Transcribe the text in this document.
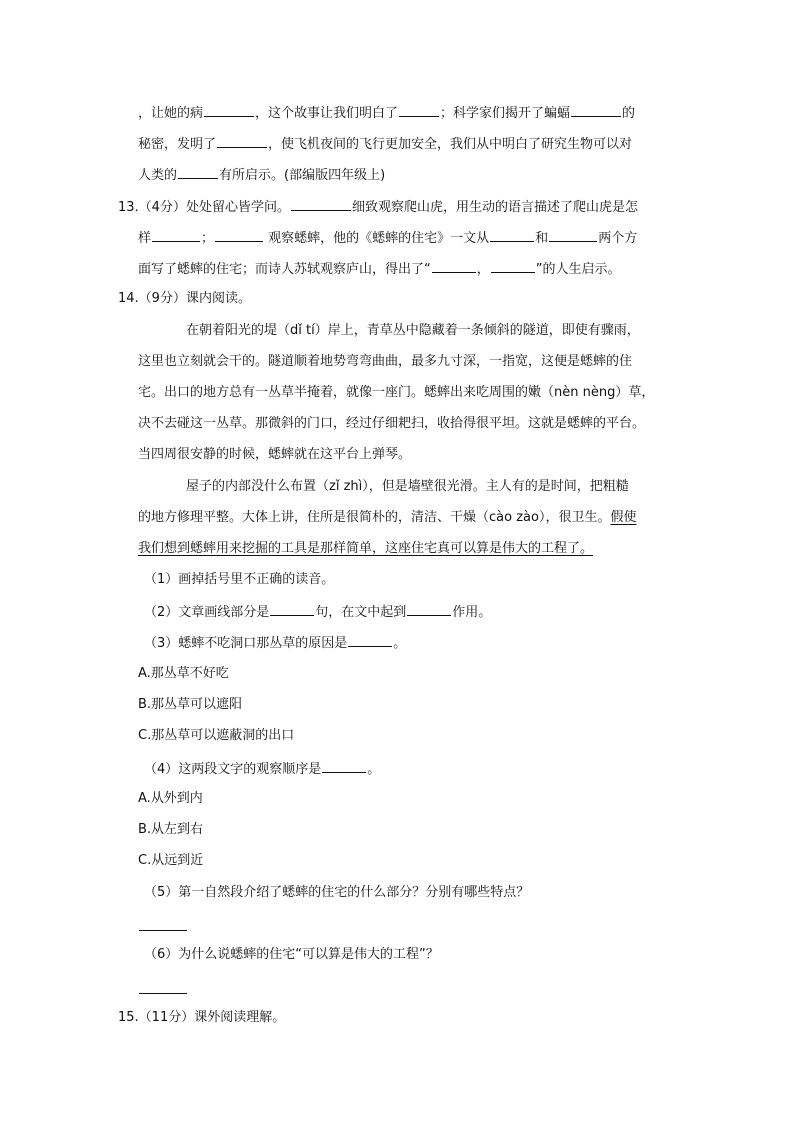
，让她的病	，这个故事让我们明白了	；科学家们揭开了蝙蝠	的
秘密，发明了	，使飞机夜间的飞行更加安全，我们从中明白了研究生物可以对
人类的	有所启示。(部编版四年级上)
13.（4分）处处留心皆学问。	细致观察爬山虎，用生动的语言描述了爬山虎是怎
样	；	观察蟋蟀，他的《蟋蟀的住宅》一文从	和	两个方
面写了蟋蟀的住宅；而诗人苏轼观察庐山，得出了“	，	”的人生启示。
14.（9分）课内阅读。
在朝着阳光的堤（dǐ tí）岸上，青草丛中隐藏着一条倾斜的隧道，即使有骤雨，
这里也立刻就会干的。隧道顺着地势弯弯曲曲，最多九寸深，一指宽，这便是蟋蟀的住
宅。出口的地方总有一丛草半掩着，就像一座门。蟋蟀出来吃周围的嫩（nèn nèng）草，
决不去碰这一丛草。那微斜的门口，经过仔细耙扫，收拾得很平坦。这就是蟋蟀的平台。
当四周很安静的时候，蟋蟀就在这平台上弹琴。
屋子的内部没什么布置（zǐ zhì），但是墙壁很光滑。主人有的是时间，把粗糙
的地方修理平整。大体上讲，住所是很简朴的，清洁、干燥（cào zào），很卫生。假使
我们想到蟋蟀用来挖掘的工具是那样简单，这座住宅真可以算是伟大的工程了。
（1）画掉括号里不正确的读音。
（2）文章画线部分是	句，在文中起到	作用。
（3）蟋蟀不吃洞口那丛草的原因是	。
A.那丛草不好吃
B.那丛草可以遮阳
C.那丛草可以遮蔽洞的出口
（4）这两段文字的观察顺序是	。
A.从外到内
B.从左到右
C.从远到近
（5）第一自然段介绍了蟋蟀的住宅的什么部分？分别有哪些特点？
（6）为什么说蟋蟀的住宅“可以算是伟大的工程”？
15.（11分）课外阅读理解。
